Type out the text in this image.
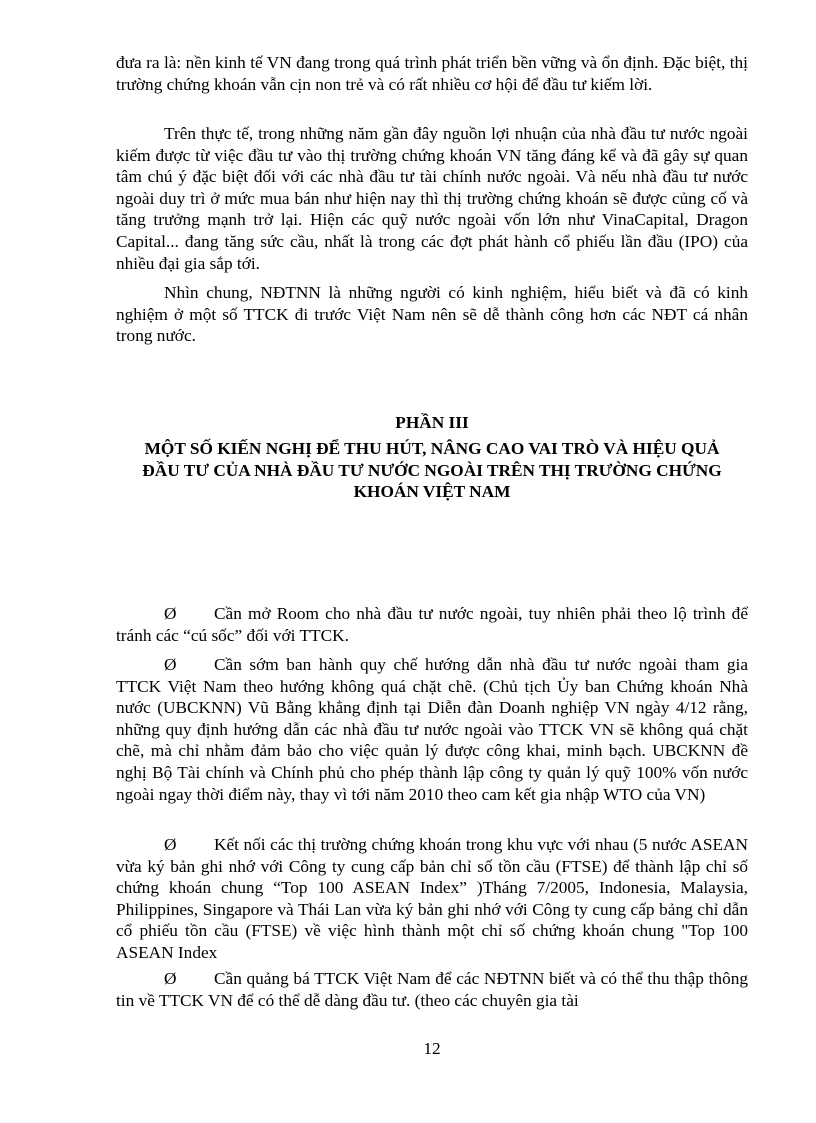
đưa ra là: nền kinh tế VN đang trong quá trình phát triển bền vững và ổn định. Đặc biệt, thị trường chứng khoán vẫn cịn non trẻ và có rất nhiều cơ hội để đầu tư kiếm lời.

Trên thực tế, trong những năm gần đây nguồn lợi nhuận của nhà đầu tư nước ngoài kiếm được từ việc đầu tư vào thị trường chứng khoán VN tăng đáng kể và đã gây sự quan tâm chú ý đặc biệt đối với các nhà đầu tư tài chính nước ngoài. Và nếu nhà đầu tư nước ngoài duy trì ở mức mua bán như hiện nay thì thị trường chứng khoán sẽ được củng cố và tăng trưởng mạnh trở lại. Hiện các quỹ nước ngoài vốn lớn như VinaCapital, Dragon Capital... đang tăng sức cầu, nhất là trong các đợt phát hành cổ phiếu lần đầu (IPO) của nhiều đại gia sắp tới.

Nhìn chung, NĐTNN là những người có kinh nghiệm, hiểu biết và đã có kinh nghiệm ở một số TTCK đi trước Việt Nam nên sẽ dễ thành công hơn các NĐT cá nhân trong nước.

PHẦN III
MỘT SỐ KIẾN NGHỊ ĐỂ THU HÚT, NÂNG CAO VAI TRÒ VÀ HIỆU QUẢ ĐẦU TƯ CỦA NHÀ ĐẦU TƯ NƯỚC NGOÀI TRÊN THỊ TRƯỜNG CHỨNG KHOÁN VIỆT NAM

Ø Cần mở Room cho nhà đầu tư nước ngoài, tuy nhiên phải theo lộ trình để tránh các “cú sốc” đối với TTCK.

Ø Cần sớm ban hành quy chế hướng dẫn nhà đầu tư nước ngoài tham gia TTCK Việt Nam theo hướng không quá chặt chẽ. (Chủ tịch Ủy ban Chứng khoán Nhà nước (UBCKNN) Vũ Bằng khẳng định tại Diễn đàn Doanh nghiệp VN ngày 4/12 rằng, những quy định hướng dẫn các nhà đầu tư nước ngoài vào TTCK VN sẽ không quá chặt chẽ, mà chỉ nhằm đảm bảo cho việc quản lý được công khai, minh bạch. UBCKNN đề nghị Bộ Tài chính và Chính phủ cho phép thành lập công ty quản lý quỹ 100% vốn nước ngoài ngay thời điểm này, thay vì tới năm 2010 theo cam kết gia nhập WTO của VN)

Ø Kết nối các thị trường chứng khoán trong khu vực với nhau (5 nước ASEAN vừa ký bản ghi nhớ với Công ty cung cấp bản chỉ số tồn cầu (FTSE) để thành lập chỉ số chứng khoán chung “Top 100 ASEAN Index” )Tháng 7/2005, Indonesia, Malaysia, Philippines, Singapore và Thái Lan vừa ký bản ghi nhớ với Công ty cung cấp bảng chỉ dẫn cổ phiếu tồn cầu (FTSE) về việc hình thành một chỉ số chứng khoán chung "Top 100 ASEAN Index

Ø Cần quảng bá TTCK Việt Nam để các NĐTNN biết và có thể thu thập thông tin về TTCK VN để có thể dễ dàng đầu tư. (theo các chuyên gia tài

12
